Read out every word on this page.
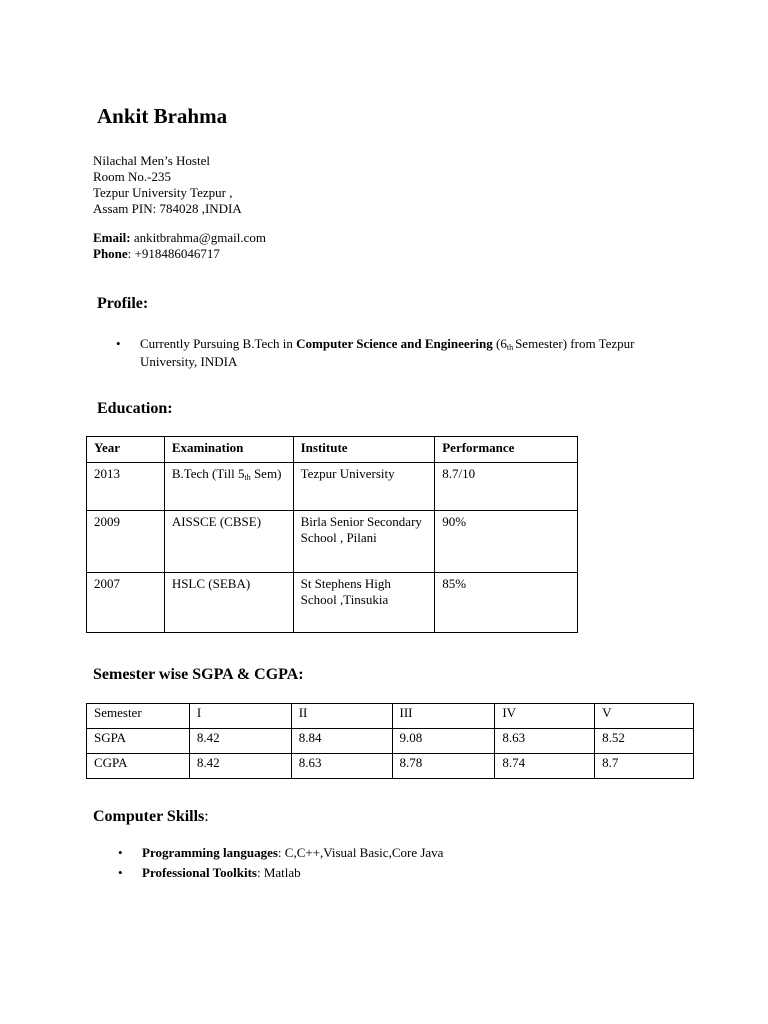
Ankit Brahma
Nilachal Men’s Hostel
Room No.-235
Tezpur University Tezpur ,
Assam PIN: 784028 ,INDIA
Email: ankitbrahma@gmail.com
Phone: +918486046717
Profile:
• Currently Pursuing B.Tech in Computer Science and Engineering (6th Semester) from Tezpur University, INDIA
Education:
Year	Examination	Institute	Performance
2013	B.Tech (Till 5th Sem)	Tezpur University	8.7/10
2009	AISSCE (CBSE)	Birla Senior Secondary School , Pilani	90%
2007	HSLC (SEBA)	St Stephens High School ,Tinsukia	85%
Semester wise SGPA & CGPA:
Semester	I	II	III	IV	V
SGPA	8.42	8.84	9.08	8.63	8.52
CGPA	8.42	8.63	8.78	8.74	8.7
Computer Skills:
• Programming languages: C,C++,Visual Basic,Core Java
• Professional Toolkits: Matlab
